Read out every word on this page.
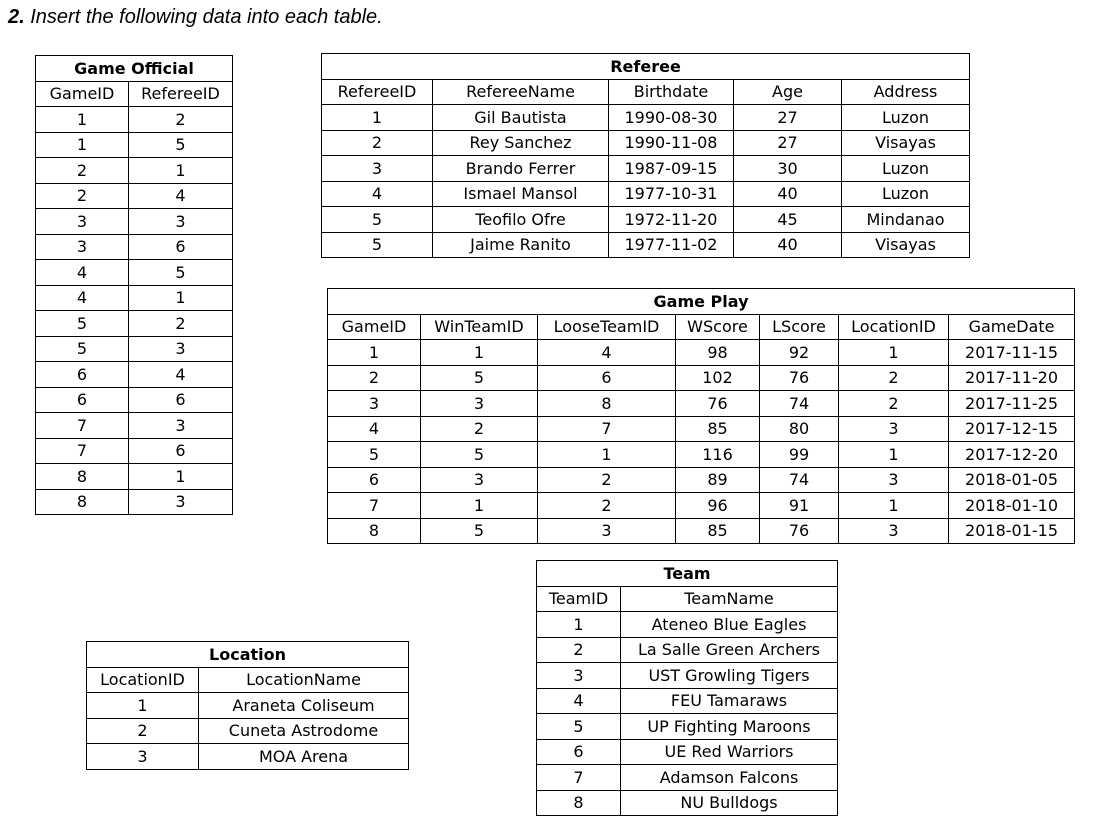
2. Insert the following data into each table.
Game Official	
GameID	RefereeID
1	2
1	5
2	1
2	4
3	3
3	6
4	5
4	1
5	2
5	3
6	4
6	6
7	3
7	6
8	1
8	3
Referee				
RefereeID	RefereeName	Birthdate	Age	Address
1	Gil Bautista	1990-08-30	27	Luzon
2	Rey Sanchez	1990-11-08	27	Visayas
3	Brando Ferrer	1987-09-15	30	Luzon
4	Ismael Mansol	1977-10-31	40	Luzon
5	Teofilo Ofre	1972-11-20	45	Mindanao
5	Jaime Ranito	1977-11-02	40	Visayas
Game Play						
GameID	WinTeamID	LooseTeamID	WScore	LScore	LocationID	GameDate
1	1	4	98	92	1	2017-11-15
2	5	6	102	76	2	2017-11-20
3	3	8	76	74	2	2017-11-25
4	2	7	85	80	3	2017-12-15
5	5	1	116	99	1	2017-12-20
6	3	2	89	74	3	2018-01-05
7	1	2	96	91	1	2018-01-10
8	5	3	85	76	3	2018-01-15
Team	
TeamID	TeamName
1	Ateneo Blue Eagles
2	La Salle Green Archers
3	UST Growling Tigers
4	FEU Tamaraws
5	UP Fighting Maroons
6	UE Red Warriors
7	Adamson Falcons
8	NU Bulldogs
Location	
LocationID	LocationName
1	Araneta Coliseum
2	Cuneta Astrodome
3	MOA Arena
